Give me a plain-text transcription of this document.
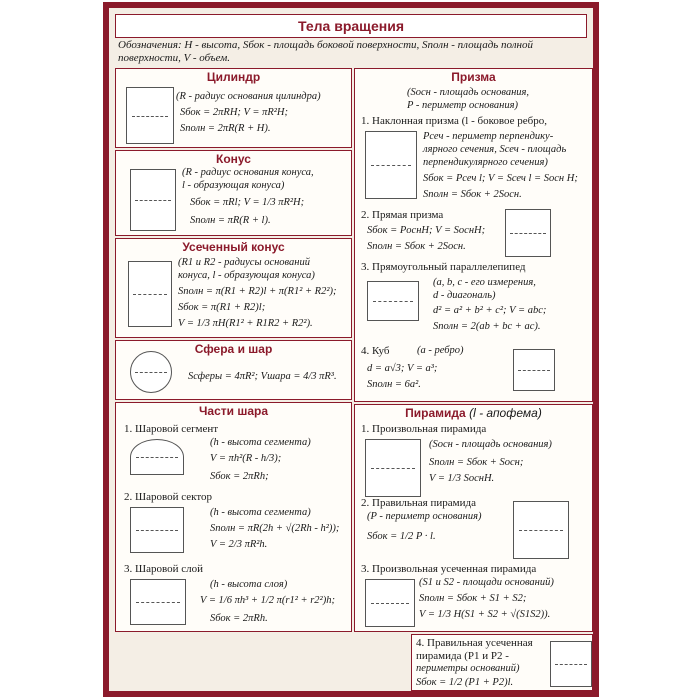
Тела вращения
Обозначения: H - высота, Sбок - площадь боковой поверхности, Sполн - площадь полной поверхности, V - объем.
Цилиндр
(R - радиус основания цилиндра)
Sбок = 2πRH; V = πR²H;
Sполн = 2πR(R + H).
Конус
(R - радиус основания конуса,
l - образующая конуса)
Sбок = πRl; V = 1/3 πR²H;
Sполн = πR(R + l).
Усеченный конус
(R1 и R2 - радиусы оснований
конуса, l - образующая конуса)
Sполн = π(R1 + R2)l + π(R1² + R2²);
Sбок = π(R1 + R2)l;
V = 1/3 πH(R1² + R1R2 + R2²).
Сфера и шар
Sсферы = 4πR²; Vшара = 4/3 πR³.
Части шара
1. Шаровой сегмент
(h - высота сегмента)
V = πh²(R - h/3);
Sбок = 2πRh;
2. Шаровой сектор
(h - высота сегмента)
Sполн = πR(2h + √(2Rh - h²));
V = 2/3 πR²h.
3. Шаровой слой
(h - высота слоя)
V = 1/6 πh³ + 1/2 π(r1² + r2²)h;
Sбок = 2πRh.
Призма
(Sосн - площадь основания,
P - периметр основания)
1. Наклонная призма (l - боковое ребро,
Pсеч - периметр перпендику-
лярного сечения, Sсеч - площадь
перпендикулярного сечения)
Sбок = Pсеч l; V = Sсеч l = Sосн H;
Sполн = Sбок + 2Sосн.
2. Прямая призма
Sбок = PоснH; V = SоснH;
Sполн = Sбок + 2Sосн.
3. Прямоугольный параллелепипед
(a, b, c - его измерения,
d - диагональ)
d² = a² + b² + c²; V = abc;
Sполн = 2(ab + bc + ac).
4. Куб	(a - ребро)
d = a√3; V = a³;
Sполн = 6a².
Пирамида (l - апофема)
1. Произвольная пирамида
(Sосн - площадь основания)
Sполн = Sбок + Sосн;
V = 1/3 SоснH.
2. Правильная пирамида
(P - периметр основания)
Sбок = 1/2 P · l.
3. Произвольная усеченная пирамида
(S1 и S2 - площади оснований)
Sполн = Sбок + S1 + S2;
V = 1/3 H(S1 + S2 + √(S1S2)).
4. Правильная усеченная
пирамида (P1 и P2 -
периметры оснований)
Sбок = 1/2 (P1 + P2)l.
